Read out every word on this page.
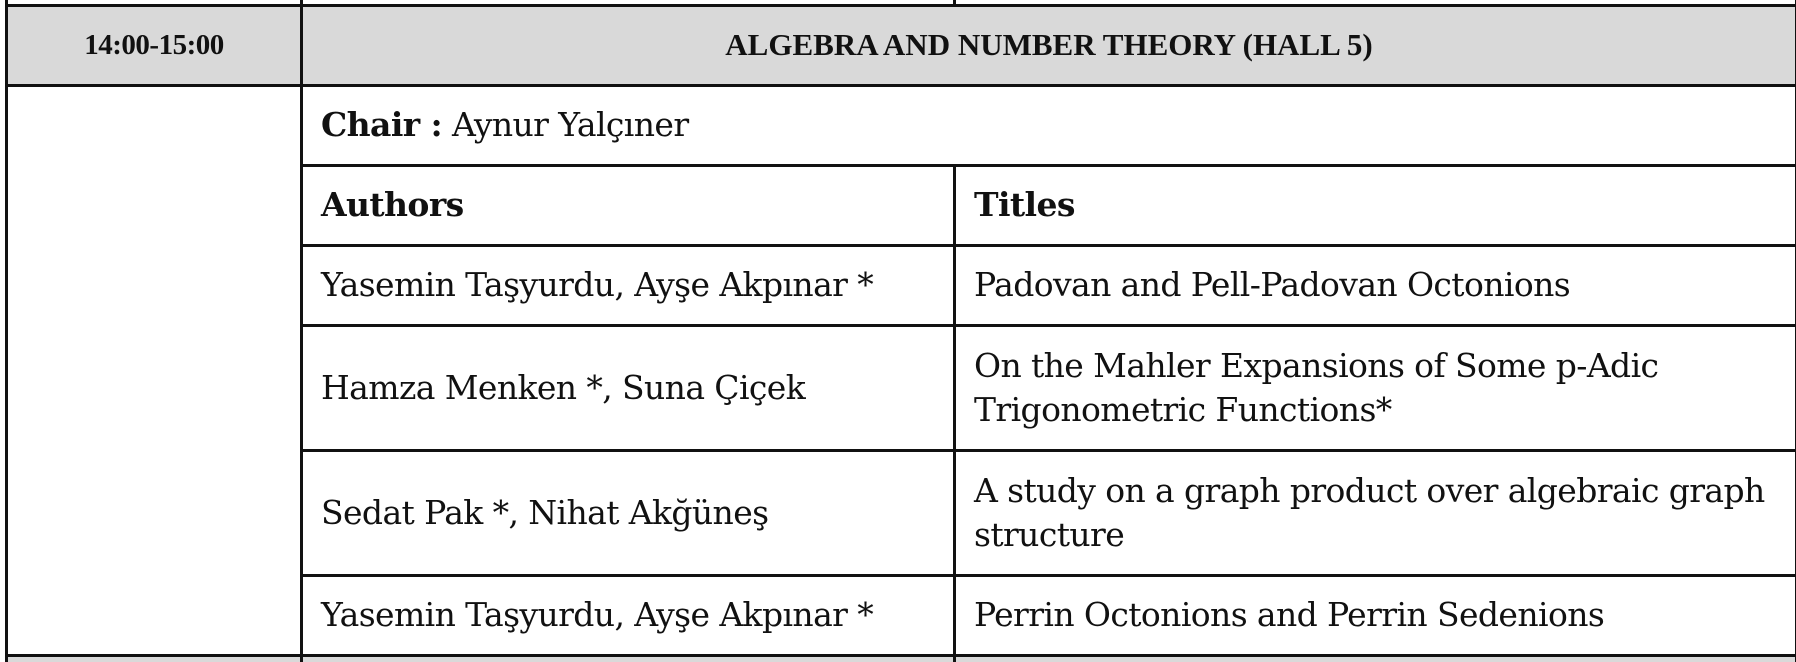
14:00-15:00	ALGEBRA AND NUMBER THEORY (HALL 5)	
	Chair : Aynur Yalçıner	
	Authors	Titles
	Yasemin Taşyurdu, Ayşe Akpınar *	Padovan and Pell-Padovan Octonions
	Hamza Menken *, Suna Çiçek	On the Mahler Expansions of Some p-Adic Trigonometric Functions*
	Sedat Pak *, Nihat Akğüneş	A study on a graph product over algebraic graph structure
	Yasemin Taşyurdu, Ayşe Akpınar *	Perrin Octonions and Perrin Sedenions
